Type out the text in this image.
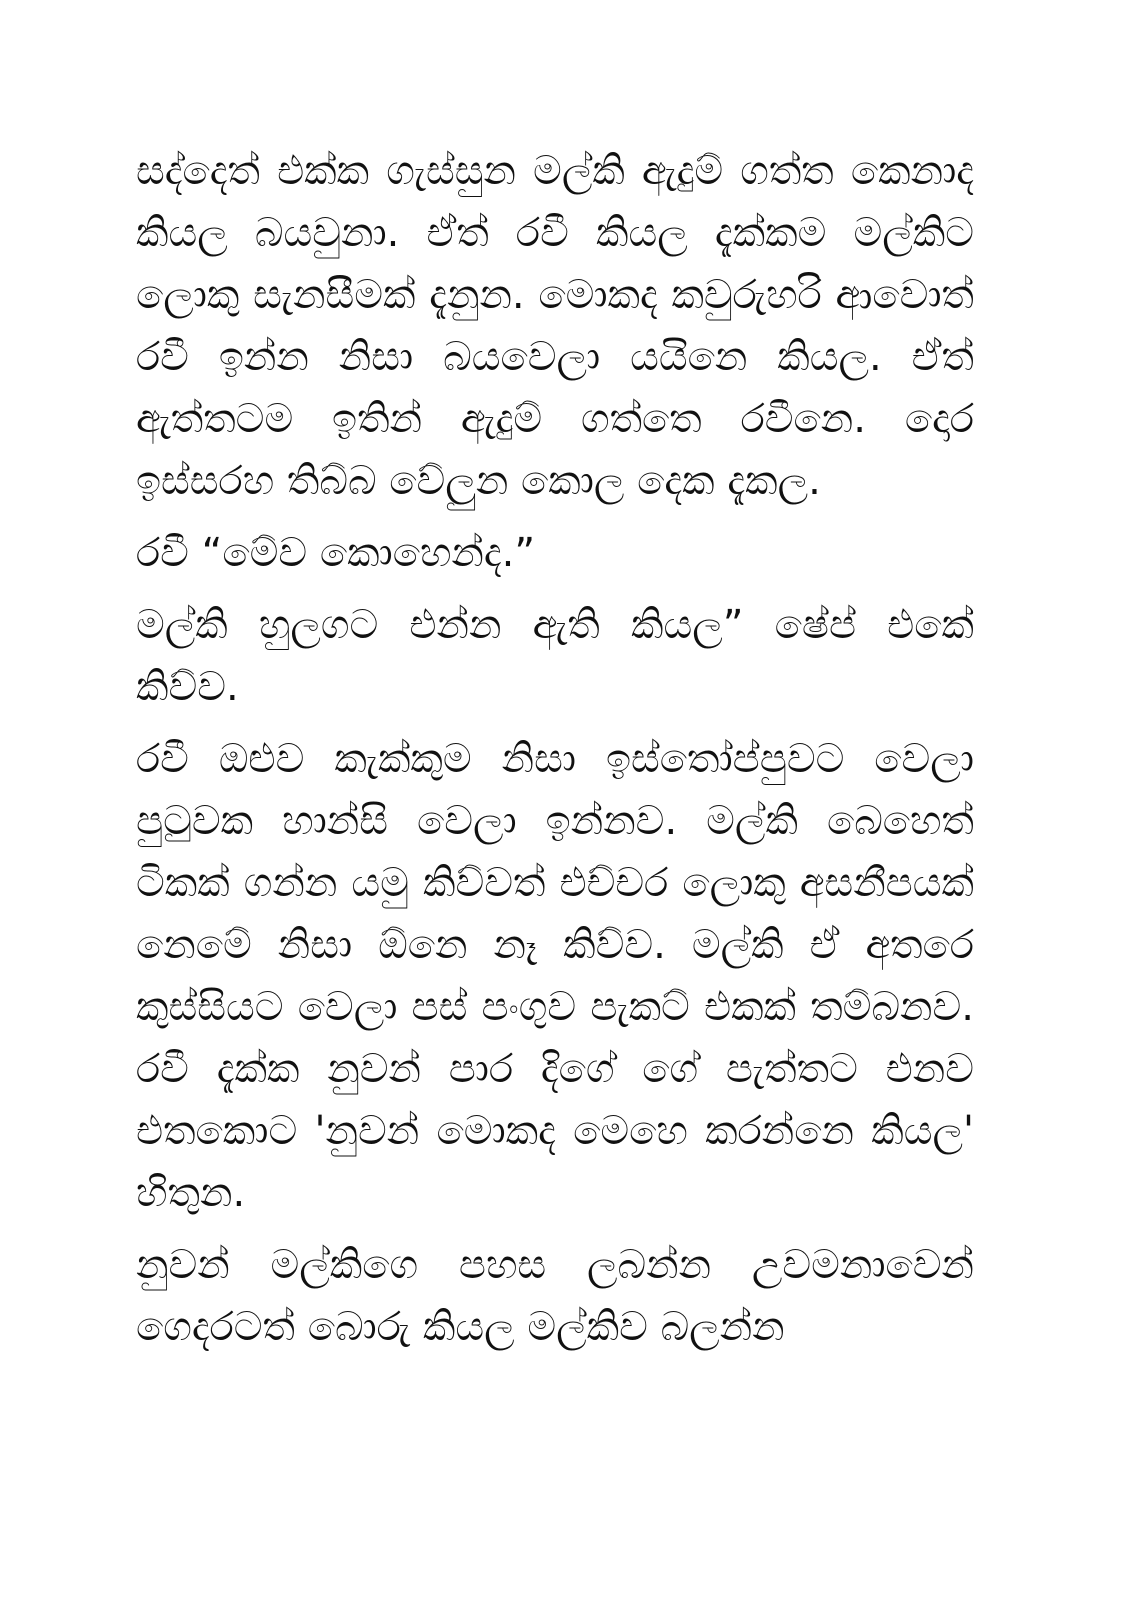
සද්දෙත් එක්ක ගැස්සුන මල්කි ඇදුම් ගත්ත කෙනාද කියල බයවුනා. ඒත් රවී කියල දැක්කම මල්කිට ලොකු සැනසීමක් දැනුන. මොකද කවුරුහරි ආවොත් රවී ඉන්න නිසා බයවෙලා යයිනෙ කියල. ඒත් ඇත්තටම ඉතින් ඇදුම් ගත්තෙ රවීනෙ. දොර ඉස්සරහ තිබ්බ වේලුන කොල දෙක දැකල.

රවී “මේව කොහෙන්ද.”

මල්කි හුලගට එන්න ඇති කියල” ෂේප් එකේ කිව්ව.

රවී ඔළුව කැක්කුම නිසා ඉස්තෝප්පුවට වෙලා පුටුවක හාන්සි වෙලා ඉන්නව. මල්කි බෙහෙත් ටිකක් ගන්න යමු කිව්වත් එච්චර ලොකු අසනීපයක් නෙමේ නිසා ඕනෙ නෑ කිව්ව. මල්කි ඒ අතරෙ කුස්සියට වෙලා පස් පංගුව පැකට් එකක් තම්බනව. රවී දැක්ක නුවන් පාර දිගේ ගේ පැත්තට එනව එතකොට 'නුවන් මොකද මෙහෙ කරන්නෙ කියල' හිතුන.

නුවන් මල්කිගෙ පහස ලබන්න උවමනාවෙන් ගෙදරටත් බොරු කියල මල්කිව බලන්න
